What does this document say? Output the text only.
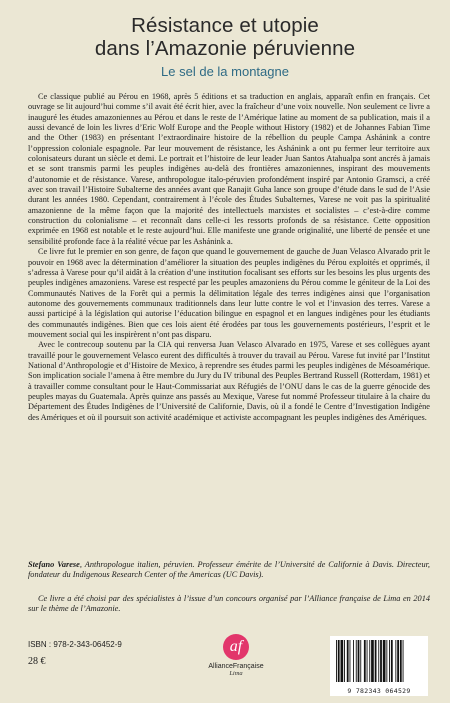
Résistance et utopie
dans l’Amazonie péruvienne
Le sel de la montagne

Ce classique publié au Pérou en 1968, après 5 éditions et sa traduction en anglais, apparaît enfin en français. Cet ouvrage se lit aujourd’hui comme s’il avait été écrit hier, avec la fraîcheur d’une voix nouvelle. Non seulement ce livre a inauguré les études amazoniennes au Pérou et dans le reste de l’Amérique latine au moment de sa publication, mais il a aussi devancé de loin les livres d’Eric Wolf Europe and the People without History (1982) et de Johannes Fabian Time and the Other (1983) en présentant l’extraordinaire histoire de la rébellion du peuple Campa Ashánink a contre l’oppression coloniale espagnole. Par leur mouvement de résistance, les Ashánink a ont pu fermer leur territoire aux colonisateurs durant un siècle et demi. Le portrait et l’histoire de leur leader Juan Santos Atahualpa sont ancrés à jamais et se sont transmis parmi les peuples indigènes au-delà des frontières amazoniennes, inspirant des mouvements d’autonomie et de résistance. Varese, anthropologue italo-péruvien profondément inspiré par Antonio Gramsci, a créé avec son travail l’Histoire Subalterne des années avant que Ranajit Guha lance son groupe d’étude dans le sud de l’Asie durant les années 1980. Cependant, contrairement à l’école des Études Subalternes, Varese ne voit pas la spiritualité amazonienne de la même façon que la majorité des intellectuels marxistes et socialistes – c’est-à-dire comme construction du colonialisme – et reconnaît dans celle-ci les ressorts profonds de sa résistance. Cette opposition exprimée en 1968 est notable et le reste aujourd’hui. Elle manifeste une grande originalité, une liberté de pensée et une sensibilité profonde face à la réalité vécue par les Ashánink a.

Ce livre fut le premier en son genre, de façon que quand le gouvernement de gauche de Juan Velasco Alvarado prit le pouvoir en 1968 avec la détermination d’améliorer la situation des peuples indigènes du Pérou exploités et opprimés, il s’adressa à Varese pour qu’il aidât à la création d’une institution focalisant ses efforts sur les besoins les plus urgents des peuples indigènes amazoniens. Varese est respecté par les peuples amazoniens du Pérou comme le géniteur de la Loi des Communautés Natives de la Forêt qui a permis la délimitation légale des terres indigènes ainsi que l’organisation autonome des gouvernements communaux traditionnels dans leur lutte contre le vol et l’invasion des terres. Varese a aussi participé à la législation qui autorise l’éducation bilingue en espagnol et en langues indigènes pour les étudiants des communautés indigènes. Bien que ces lois aient été érodées par tous les gouvernements postérieurs, l’esprit et le mouvement social qui les inspirèrent n’ont pas disparu.

Avec le contrecoup soutenu par la CIA qui renversa Juan Velasco Alvarado en 1975, Varese et ses collègues ayant travaillé pour le gouvernement Velasco eurent des difficultés à trouver du travail au Pérou. Varese fut invité par l’Institut National d’Anthropologie et d’Histoire de Mexico, à reprendre ses études parmi les peuples indigènes de Mésoamérique. Son implication sociale l’amena à être membre du Jury du IV tribunal des Peuples Bertrand Russell (Rotterdam, 1981) et à travailler comme consultant pour le Haut-Commissariat aux Réfugiés de l’ONU dans le cas de la guerre génocide des peuples mayas du Guatemala. Après quinze ans passés au Mexique, Varese fut nommé Professeur titulaire à la chaire du Département des Études Indigènes de l’Université de Californie, Davis, où il a fondé le Centre d’Investigation Indigène des Amériques et où il poursuit son activité académique et activiste accompagnant les peuples indigènes des Amériques.

Stefano Varese, Anthropologue italien, péruvien. Professeur émérite de l’Université de Californie à Davis. Directeur, fondateur du Indigenous Research Center of the Americas (UC Davis).
Ce livre a été choisi par des spécialistes à l’issue d’un concours organisé par l’Alliance française de Lima en 2014 sur le thème de l’Amazonie.
ISBN : 978-2-343-06452-9
28 €
af
AllianceFrançaise
Lima
9 782343 064529
